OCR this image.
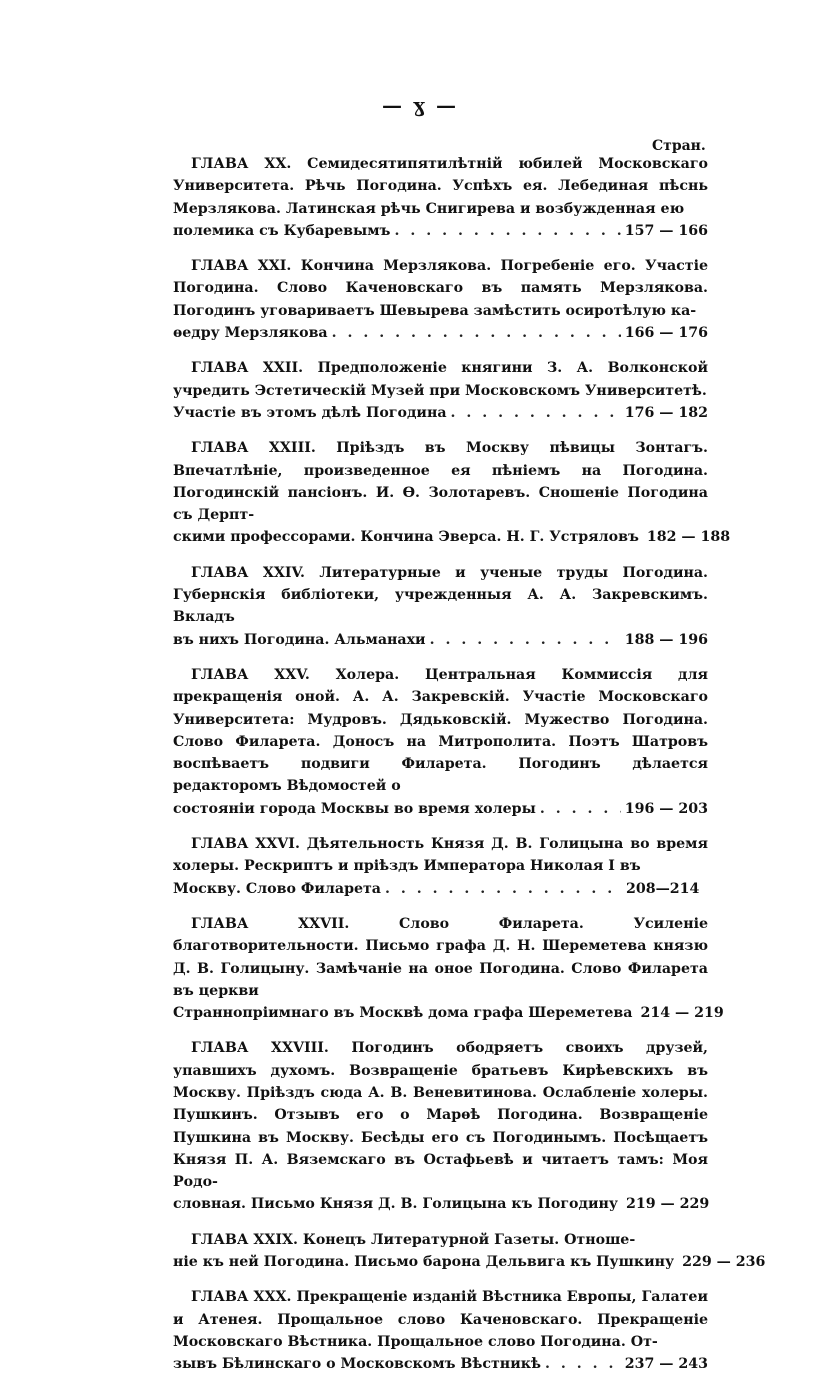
— ɣ —
Стран.
ГЛАВА XX. Семидесятипятилѣтній юбилей Московскаго Университета. Рѣчь Погодина. Успѣхъ ея. Лебединая пѣснь Мерзлякова. Латинская рѣчь Снигирева и возбужденная ею
полемика съ Кубаревымъ . . .	157 — 166
ГЛАВА XXI. Кончина Мерзлякова. Погребеніе его. Участіе Погодина. Слово Каченовскаго въ память Мерзлякова. Погодинъ уговариваетъ Шевырева замѣстить осиротѣлую ка-
ѳедру Мерзлякова . . .	166 — 176
ГЛАВА XXII. Предположеніе княгини З. А. Волконской учредить Эстетическій Музей при Московскомъ Университетѣ.
Участіе въ этомъ дѣлѣ Погодина . . .	176 — 182
ГЛАВА XXIII. Пріѣздъ въ Москву пѣвицы Зонтагъ. Впечатлѣніе, произведенное ея пѣніемъ на Погодина. Погодинскій пансіонъ. И. Ѳ. Золотаревъ. Сношеніе Погодина съ Дерпт-
скими профессорами. Кончина Эверса. Н. Г. Устряловъ 182 — 188
ГЛАВА XXIV. Литературные и ученые труды Погодина. Губернскія библіотеки, учрежденныя А. А. Закревскимъ. Вкладъ
въ нихъ Погодина. Альманахи . . .	188 — 196
ГЛАВА XXV. Холера. Центральная Коммиссія для прекращенія оной. А. А. Закревскій. Участіе Московскаго Университета: Мудровъ. Дядьковскій. Мужество Погодина. Слово Филарета. Доносъ на Митрополита. Поэтъ Шатровъ воспѣваетъ подвиги Филарета. Погодинъ дѣлается редакторомъ Вѣдомостей о
состояніи города Москвы во время холеры . . .	196 — 203
ГЛАВА XXVI. Дѣятельность Князя Д. В. Голицына во время холеры. Рескриптъ и пріѣздъ Императора Николая I въ
Москву. Слово Филарета . . .	208—214
ГЛАВА XXVII. Слово Филарета. Усиленіе благотворительности. Письмо графа Д. Н. Шереметева князю Д. В. Голицыну. Замѣчаніе на оное Погодина. Слово Филарета въ церкви
Страннопріимнаго въ Москвѣ дома графа Шереметева 214 — 219
ГЛАВА XXVIII. Погодинъ ободряетъ своихъ друзей, упавшихъ духомъ. Возвращеніе братьевъ Кирѣевскихъ въ Москву. Пріѣздъ сюда А. В. Веневитинова. Ослабленіе холеры. Пушкинъ. Отзывъ его о Марѳѣ Погодина. Возвращеніе Пушкина въ Москву. Бесѣды его съ Погодинымъ. Посѣщаетъ Князя П. А. Вяземскаго въ Остафьевѣ и читаетъ тамъ: Моя Родо-
словная. Письмо Князя Д. В. Голицына къ Погодину 219 — 229
ГЛАВА XXIX. Конецъ Литературной Газеты. Отноше-
ніе къ ней Погодина. Письмо барона Дельвига къ Пушкину 229 — 236
ГЛАВА XXX. Прекращеніе изданій Вѣстника Европы, Галатеи и Атенея. Прощальное слово Каченовскаго. Прекращеніе Московскаго Вѣстника. Прощальное слово Погодина. От-
зывъ Бѣлинскаго о Московскомъ Вѣстникѣ . . .	237 — 243
